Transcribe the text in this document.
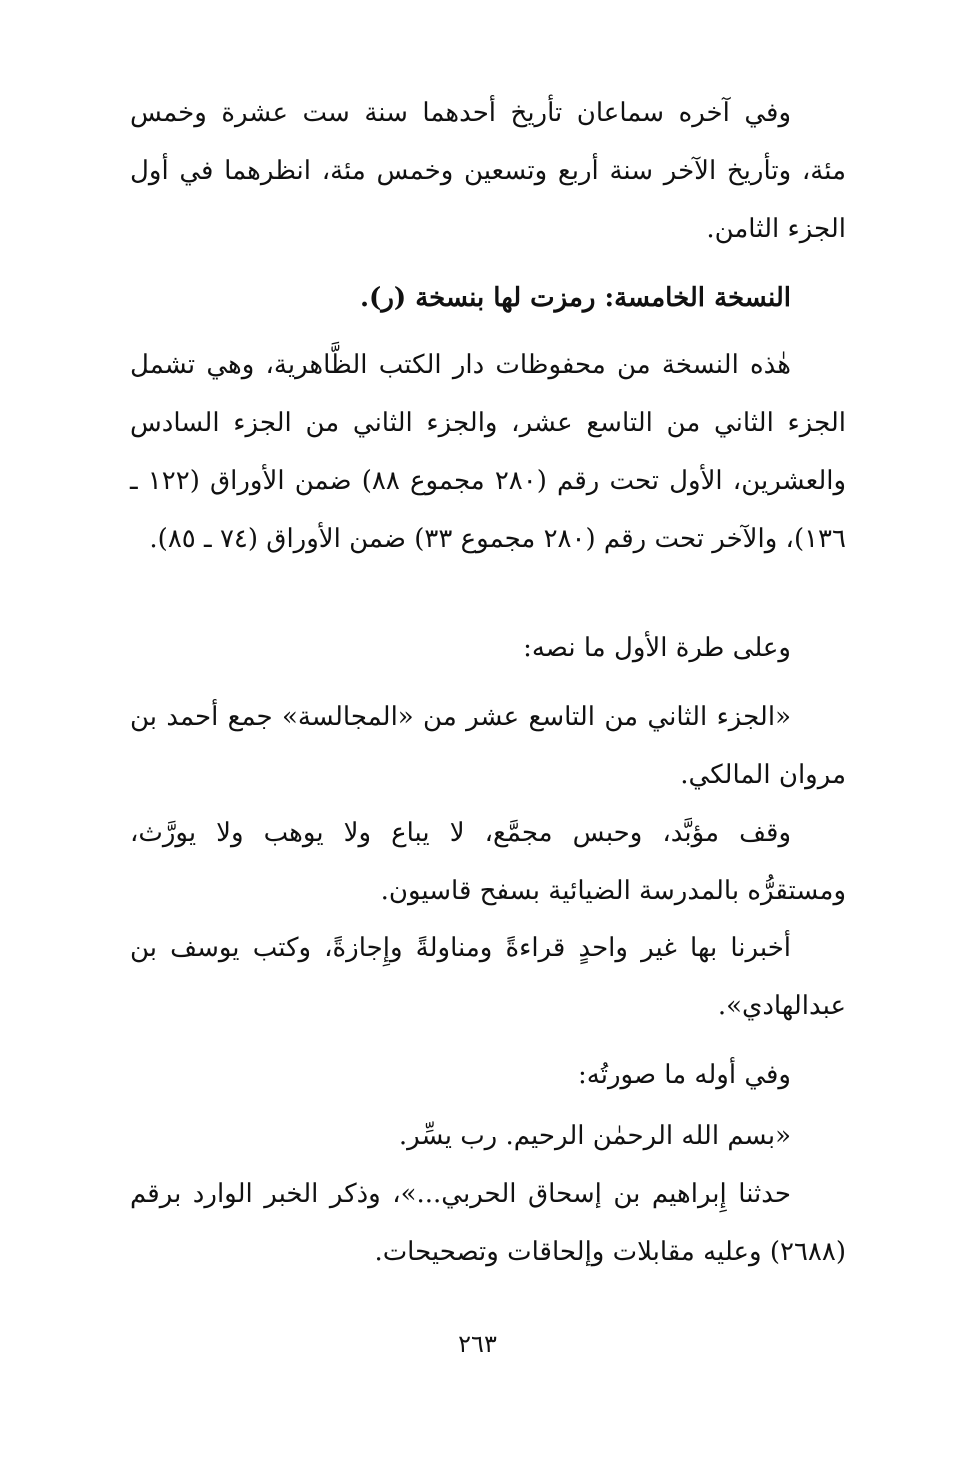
وفي آخره سماعان تأريخ أحدهما سنة ست عشرة وخمس مئة، وتأريخ الآخر سنة أربع وتسعين وخمس مئة، انظرهما في أول الجزء الثامن.

النسخة الخامسة: رمزت لها بنسخة (ر).

هٰذه النسخة من محفوظات دار الكتب الظَّاهرية، وهي تشمل الجزء الثاني من التاسع عشر، والجزء الثاني من الجزء السادس والعشرين، الأول تحت رقم (٢٨٠ مجموع ٨٨) ضمن الأوراق (١٢٢ ـ ١٣٦)، والآخر تحت رقم (٢٨٠ مجموع ٣٣) ضمن الأوراق (٧٤ ـ ٨٥).

وعلى طرة الأول ما نصه:

«الجزء الثاني من التاسع عشر من «المجالسة» جمع أحمد بن مروان المالكي.

وقف مؤبَّد، وحبس مجمَّع، لا يباع ولا يوهب ولا يورَّث، ومستقرُّه بالمدرسة الضيائية بسفح قاسيون.

أخبرنا بها غير واحدٍ قراءةً ومناولةً وإِجازةً، وكتب يوسف بن عبدالهادي».

وفي أوله ما صورتُه:

«بسم الله الرحمٰن الرحيم. رب يسِّر.

حدثنا إِبراهيم بن إسحاق الحربي...»، وذكر الخبر الوارد برقم (٢٦٨٨) وعليه مقابلات وإلحاقات وتصحيحات.

٢٦٣
